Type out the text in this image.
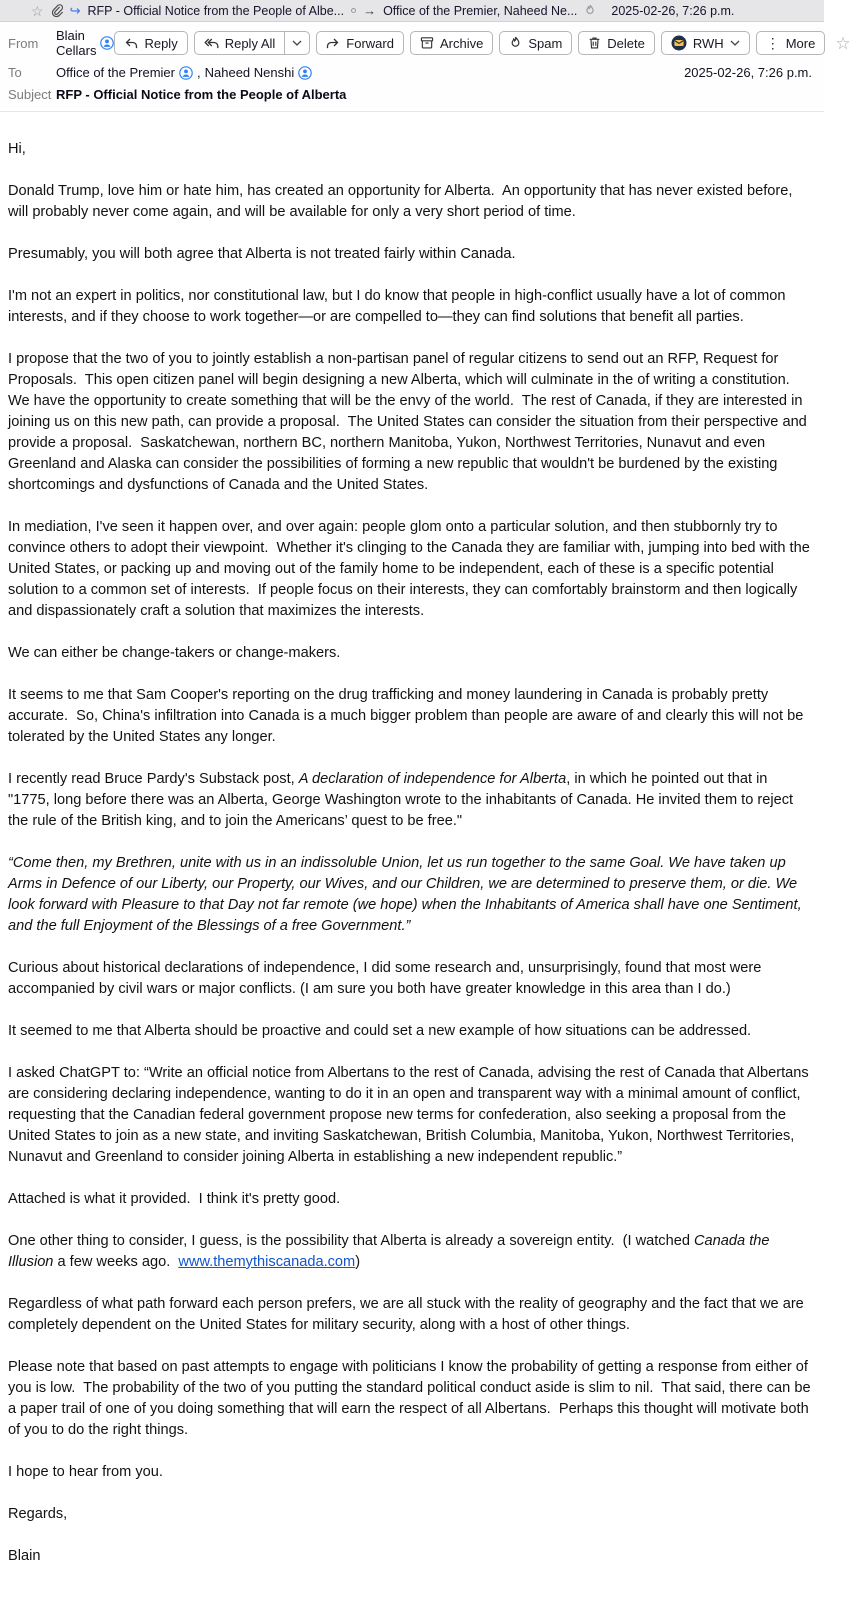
☆ ↪ RFP - Official Notice from the People of Albe... → Office of the Premier, Naheed Ne...	2025-02-26, 7:26 p.m.
From	Blain Cellars	Reply	Reply All	Forward	Archive	Spam	Delete	RWH	⋮ More ☆
To	Office of the Premier , Naheed Nenshi	2025-02-26, 7:26 p.m.
Subject RFP - Official Notice from the People of Alberta

Hi,

Donald Trump, love him or hate him, has created an opportunity for Alberta.  An opportunity that has never existed before, will probably never come again, and will be available for only a very short period of time.

Presumably, you will both agree that Alberta is not treated fairly within Canada.

I'm not an expert in politics, nor constitutional law, but I do know that people in high-conflict usually have a lot of common interests, and if they choose to work together—or are compelled to—they can find solutions that benefit all parties.

I propose that the two of you to jointly establish a non-partisan panel of regular citizens to send out an RFP, Request for Proposals.  This open citizen panel will begin designing a new Alberta, which will culminate in the of writing a constitution.  We have the opportunity to create something that will be the envy of the world.  The rest of Canada, if they are interested in joining us on this new path, can provide a proposal.  The United States can consider the situation from their perspective and provide a proposal.  Saskatchewan, northern BC, northern Manitoba, Yukon, Northwest Territories, Nunavut and even Greenland and Alaska can consider the possibilities of forming a new republic that wouldn't be burdened by the existing shortcomings and dysfunctions of Canada and the United States.

In mediation, I've seen it happen over, and over again: people glom onto a particular solution, and then stubbornly try to convince others to adopt their viewpoint.  Whether it's clinging to the Canada they are familiar with, jumping into bed with the United States, or packing up and moving out of the family home to be independent, each of these is a specific potential solution to a common set of interests.  If people focus on their interests, they can comfortably brainstorm and then logically and dispassionately craft a solution that maximizes the interests.

We can either be change-takers or change-makers.

It seems to me that Sam Cooper's reporting on the drug trafficking and money laundering in Canada is probably pretty accurate.  So, China's infiltration into Canada is a much bigger problem than people are aware of and clearly this will not be tolerated by the United States any longer.

I recently read Bruce Pardy's Substack post, A declaration of independence for Alberta, in which he pointed out that in "1775, long before there was an Alberta, George Washington wrote to the inhabitants of Canada. He invited them to reject the rule of the British king, and to join the Americans’ quest to be free."

“Come then, my Brethren, unite with us in an indissoluble Union, let us run together to the same Goal. We have taken up Arms in Defence of our Liberty, our Property, our Wives, and our Children, we are determined to preserve them, or die. We look forward with Pleasure to that Day not far remote (we hope) when the Inhabitants of America shall have one Sentiment, and the full Enjoyment of the Blessings of a free Government.”

Curious about historical declarations of independence, I did some research and, unsurprisingly, found that most were accompanied by civil wars or major conflicts. (I am sure you both have greater knowledge in this area than I do.)

It seemed to me that Alberta should be proactive and could set a new example of how situations can be addressed.

I asked ChatGPT to: “Write an official notice from Albertans to the rest of Canada, advising the rest of Canada that Albertans are considering declaring independence, wanting to do it in an open and transparent way with a minimal amount of conflict, requesting that the Canadian federal government propose new terms for confederation, also seeking a proposal from the United States to join as a new state, and inviting Saskatchewan, British Columbia, Manitoba, Yukon, Northwest Territories, Nunavut and Greenland to consider joining Alberta in establishing a new independent republic.”

Attached is what it provided.  I think it's pretty good.

One other thing to consider, I guess, is the possibility that Alberta is already a sovereign entity.  (I watched Canada the Illusion a few weeks ago.  www.themythiscanada.com)

Regardless of what path forward each person prefers, we are all stuck with the reality of geography and the fact that we are completely dependent on the United States for military security, along with a host of other things.

Please note that based on past attempts to engage with politicians I know the probability of getting a response from either of you is low.  The probability of the two of you putting the standard political conduct aside is slim to nil.  That said, there can be a paper trail of one of you doing something that will earn the respect of all Albertans.  Perhaps this thought will motivate both of you to do the right things.

I hope to hear from you.

Regards,

Blain
